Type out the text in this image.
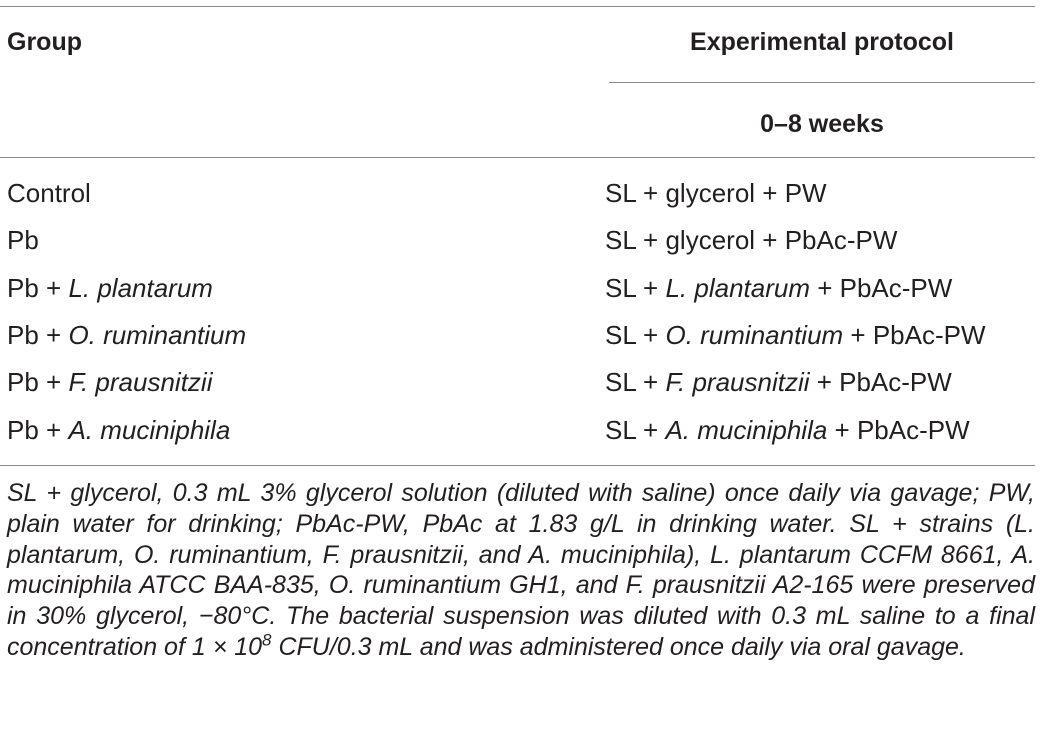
Group	Experimental protocol
0–8 weeks
Control	SL + glycerol + PW
Pb	SL + glycerol + PbAc-PW
Pb + L. plantarum	SL + L. plantarum + PbAc-PW
Pb + O. ruminantium	SL + O. ruminantium + PbAc-PW
Pb + F. prausnitzii	SL + F. prausnitzii + PbAc-PW
Pb + A. muciniphila	SL + A. muciniphila + PbAc-PW
SL + glycerol, 0.3 mL 3% glycerol solution (diluted with saline) once daily via gavage; PW, plain water for drinking; PbAc-PW, PbAc at 1.83 g/L in drinking water. SL + strains (L. plantarum, O. ruminantium, F. prausnitzii, and A. muciniphila), L. plantarum CCFM 8661, A. muciniphila ATCC BAA-835, O. ruminantium GH1, and F. prausnitzii A2-165 were preserved in 30% glycerol, −80°C. The bacterial suspension was diluted with 0.3 mL saline to a final concentration of $1 \times 10^8$ CFU/0.3 mL and was administered once daily via oral gavage.
